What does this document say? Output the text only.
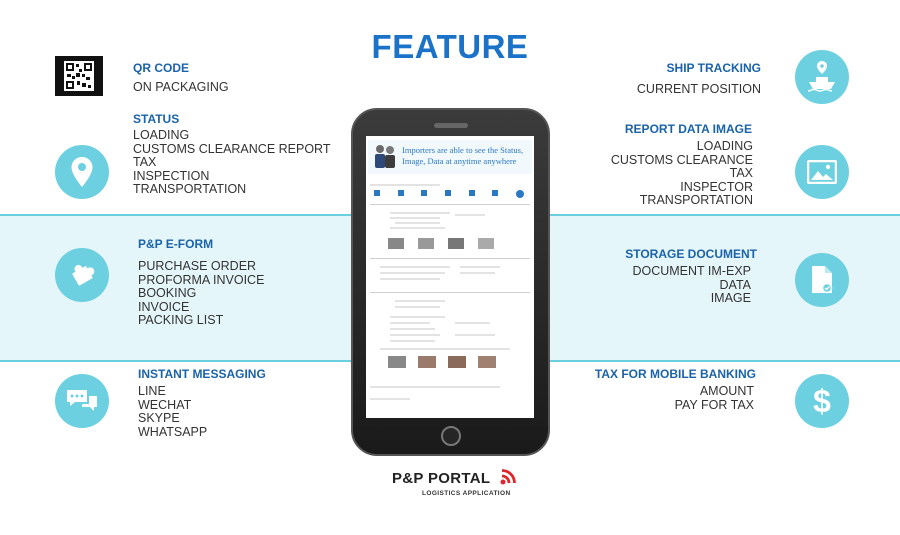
FEATURE
QR CODE
ON PACKAGING
STATUS
LOADING
CUSTOMS CLEARANCE REPORT
TAX
INSPECTION
TRANSPORTATION
P&P E-FORM
PURCHASE ORDER
PROFORMA INVOICE
BOOKING
INVOICE
PACKING LIST
INSTANT MESSAGING
LINE
WECHAT
SKYPE
WHATSAPP
SHIP TRACKING
CURRENT POSITION
REPORT DATA IMAGE
LOADING
CUSTOMS CLEARANCE
TAX
INSPECTOR
TRANSPORTATION
STORAGE DOCUMENT
DOCUMENT IM-EXP
DATA
IMAGE
TAX FOR MOBILE BANKING
AMOUNT
PAY FOR TAX $
Importers are able to see the Status, Image, Data at anytime anywhere
P&P PORTAL
LOGISTICS APPLICATION
